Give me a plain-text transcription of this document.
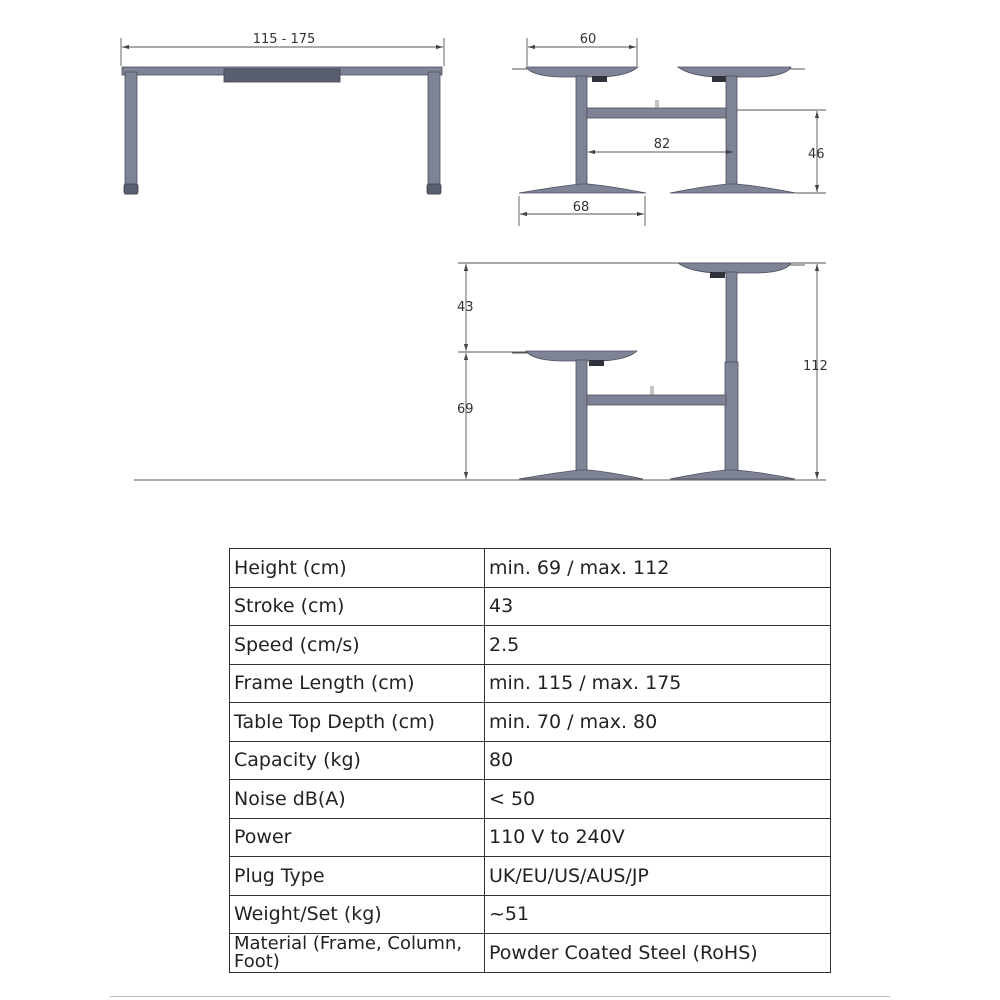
115 - 175	60
82
46
68
43
69
112
Height (cm)	min. 69 / max. 112
Stroke (cm)	43
Speed (cm/s)	2.5
Frame Length (cm)	min. 115 / max. 175
Table Top Depth (cm)	min. 70 / max. 80
Capacity (kg)	80
Noise dB(A)	< 50
Power	110 V to 240V
Plug Type	UK/EU/US/AUS/JP
Weight/Set (kg)	~51
Material (Frame, Column, Foot)	Powder Coated Steel (RoHS)
